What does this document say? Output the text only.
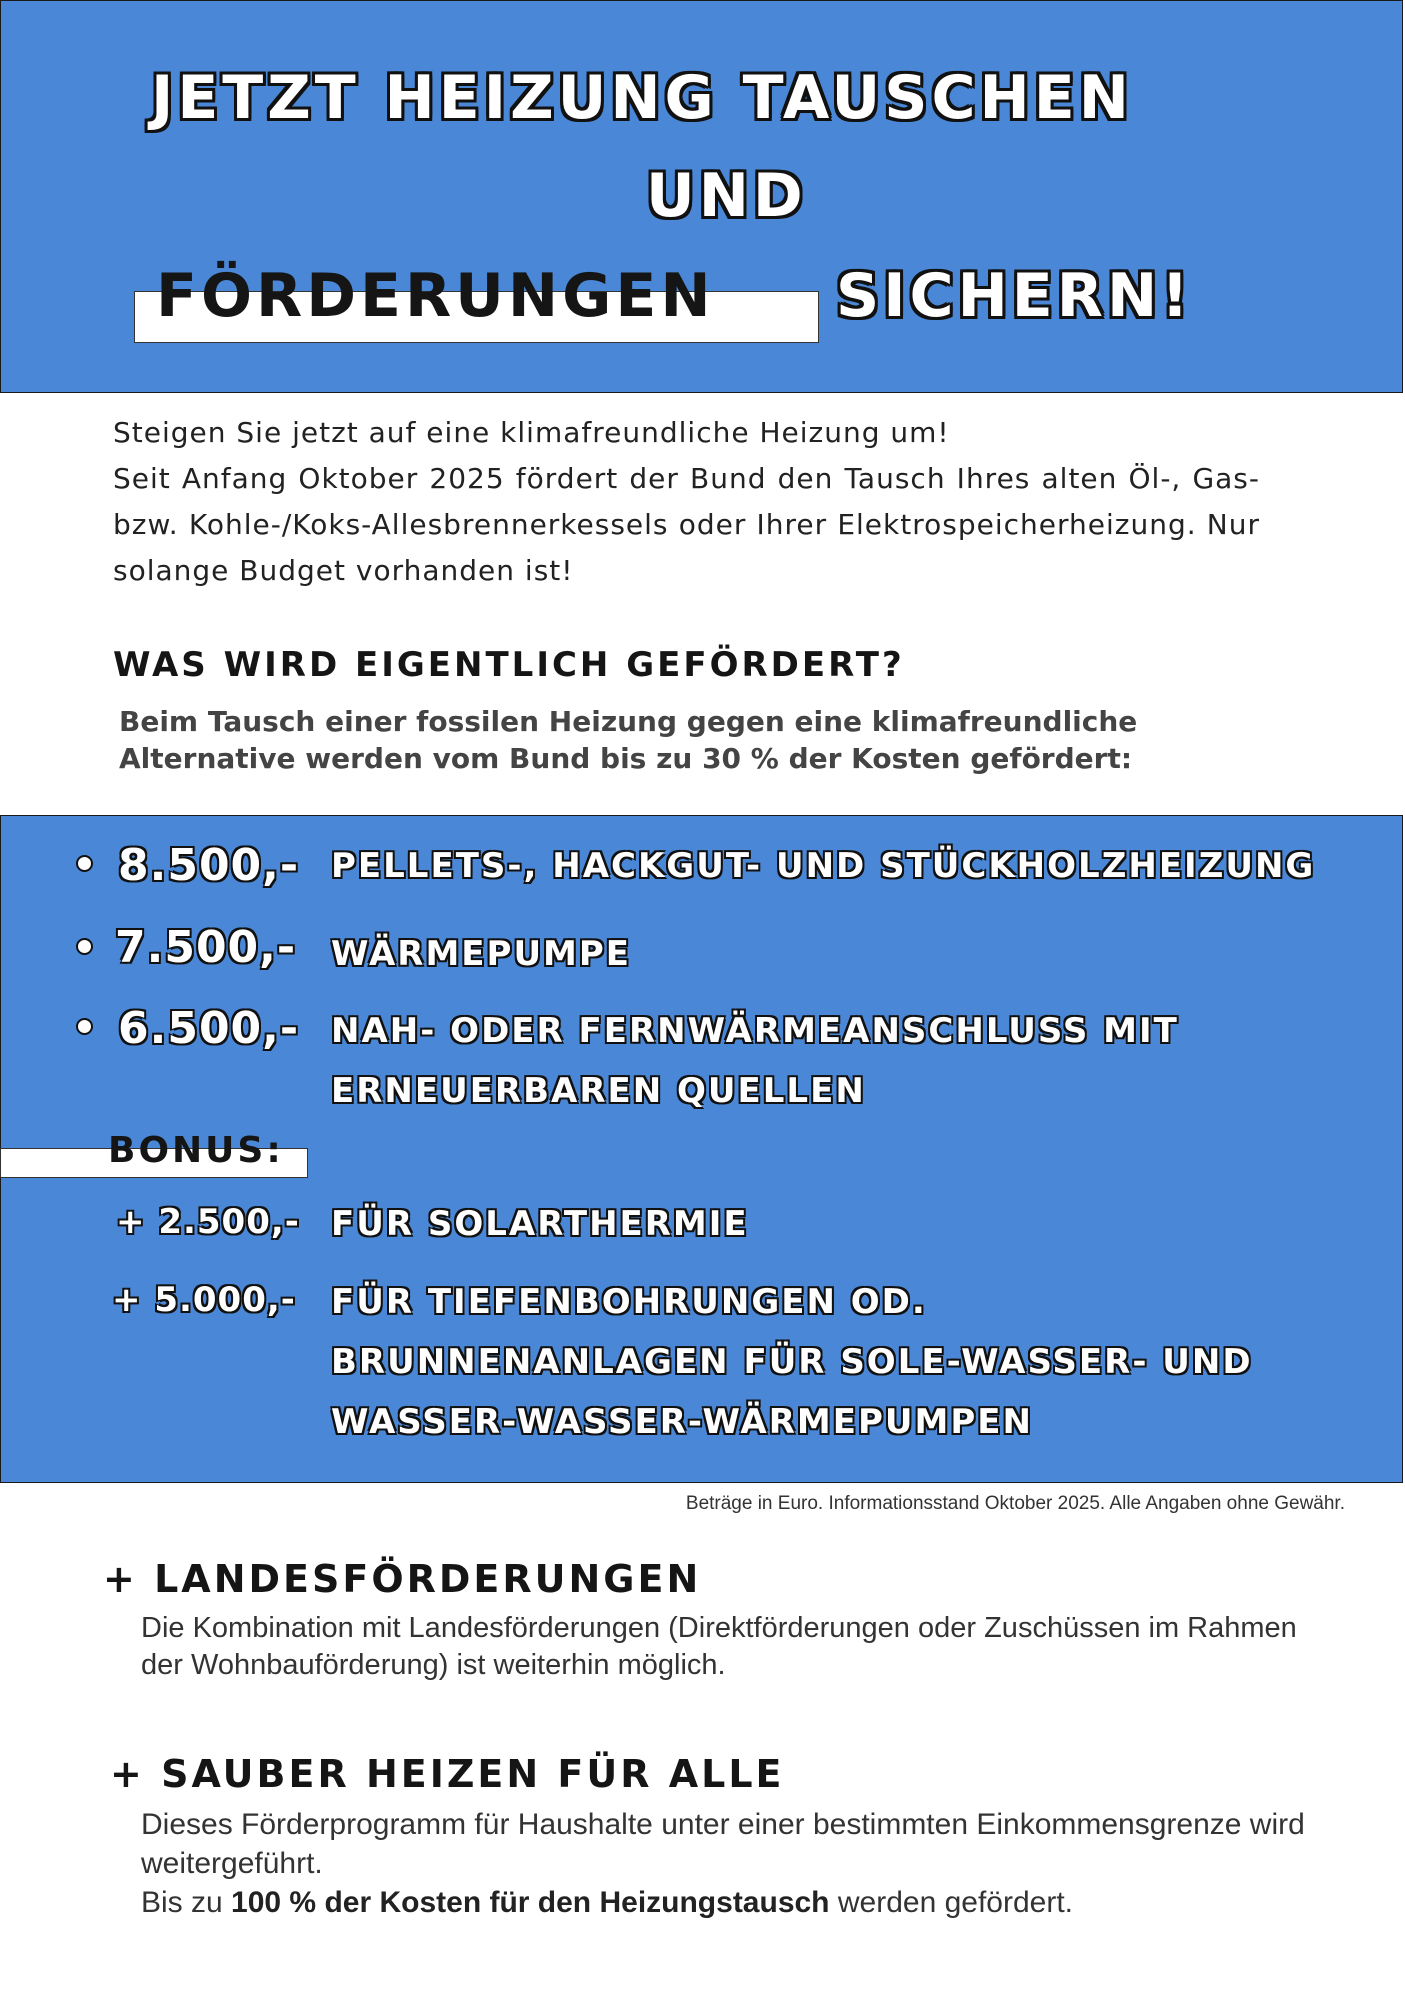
JETZT HEIZUNG TAUSCHEN
UND
FÖRDERUNGEN SICHERN!

Steigen Sie jetzt auf eine klimafreundliche Heizung um!

Seit Anfang Oktober 2025 fördert der Bund den Tausch Ihres alten Öl-, Gas- bzw. Kohle-/Koks-Allesbrennerkessels oder Ihrer Elektrospeicherheizung. Nur solange Budget vorhanden ist!

WAS WIRD EIGENTLICH GEFÖRDERT?
Beim Tausch einer fossilen Heizung gegen eine klimafreundliche Alternative werden vom Bund bis zu 30 % der Kosten gefördert:
8.500,- PELLETS-, HACKGUT- UND STÜCKHOLZHEIZUNG
7.500,- WÄRMEPUMPE
6.500,- NAH- ODER FERNWÄRMEANSCHLUSS MIT ERNEUERBAREN QUELLEN
BONUS:
+ 2.500,- FÜR SOLARTHERMIE
+ 5.000,- FÜR TIEFENBOHRUNGEN OD. BRUNNENANLAGEN FÜR SOLE-WASSER- UND WASSER-WASSER-WÄRMEPUMPEN
Beträge in Euro. Informationsstand Oktober 2025. Alle Angaben ohne Gewähr.
+ LANDESFÖRDERUNGEN
Die Kombination mit Landesförderungen (Direktförderungen oder Zuschüssen im Rahmen der Wohnbauförderung) ist weiterhin möglich.
+ SAUBER HEIZEN FÜR ALLE

Dieses Förderprogramm für Haushalte unter einer bestimmten Einkommensgrenze wird weitergeführt.

Bis zu 100 % der Kosten für den Heizungstausch werden gefördert.
